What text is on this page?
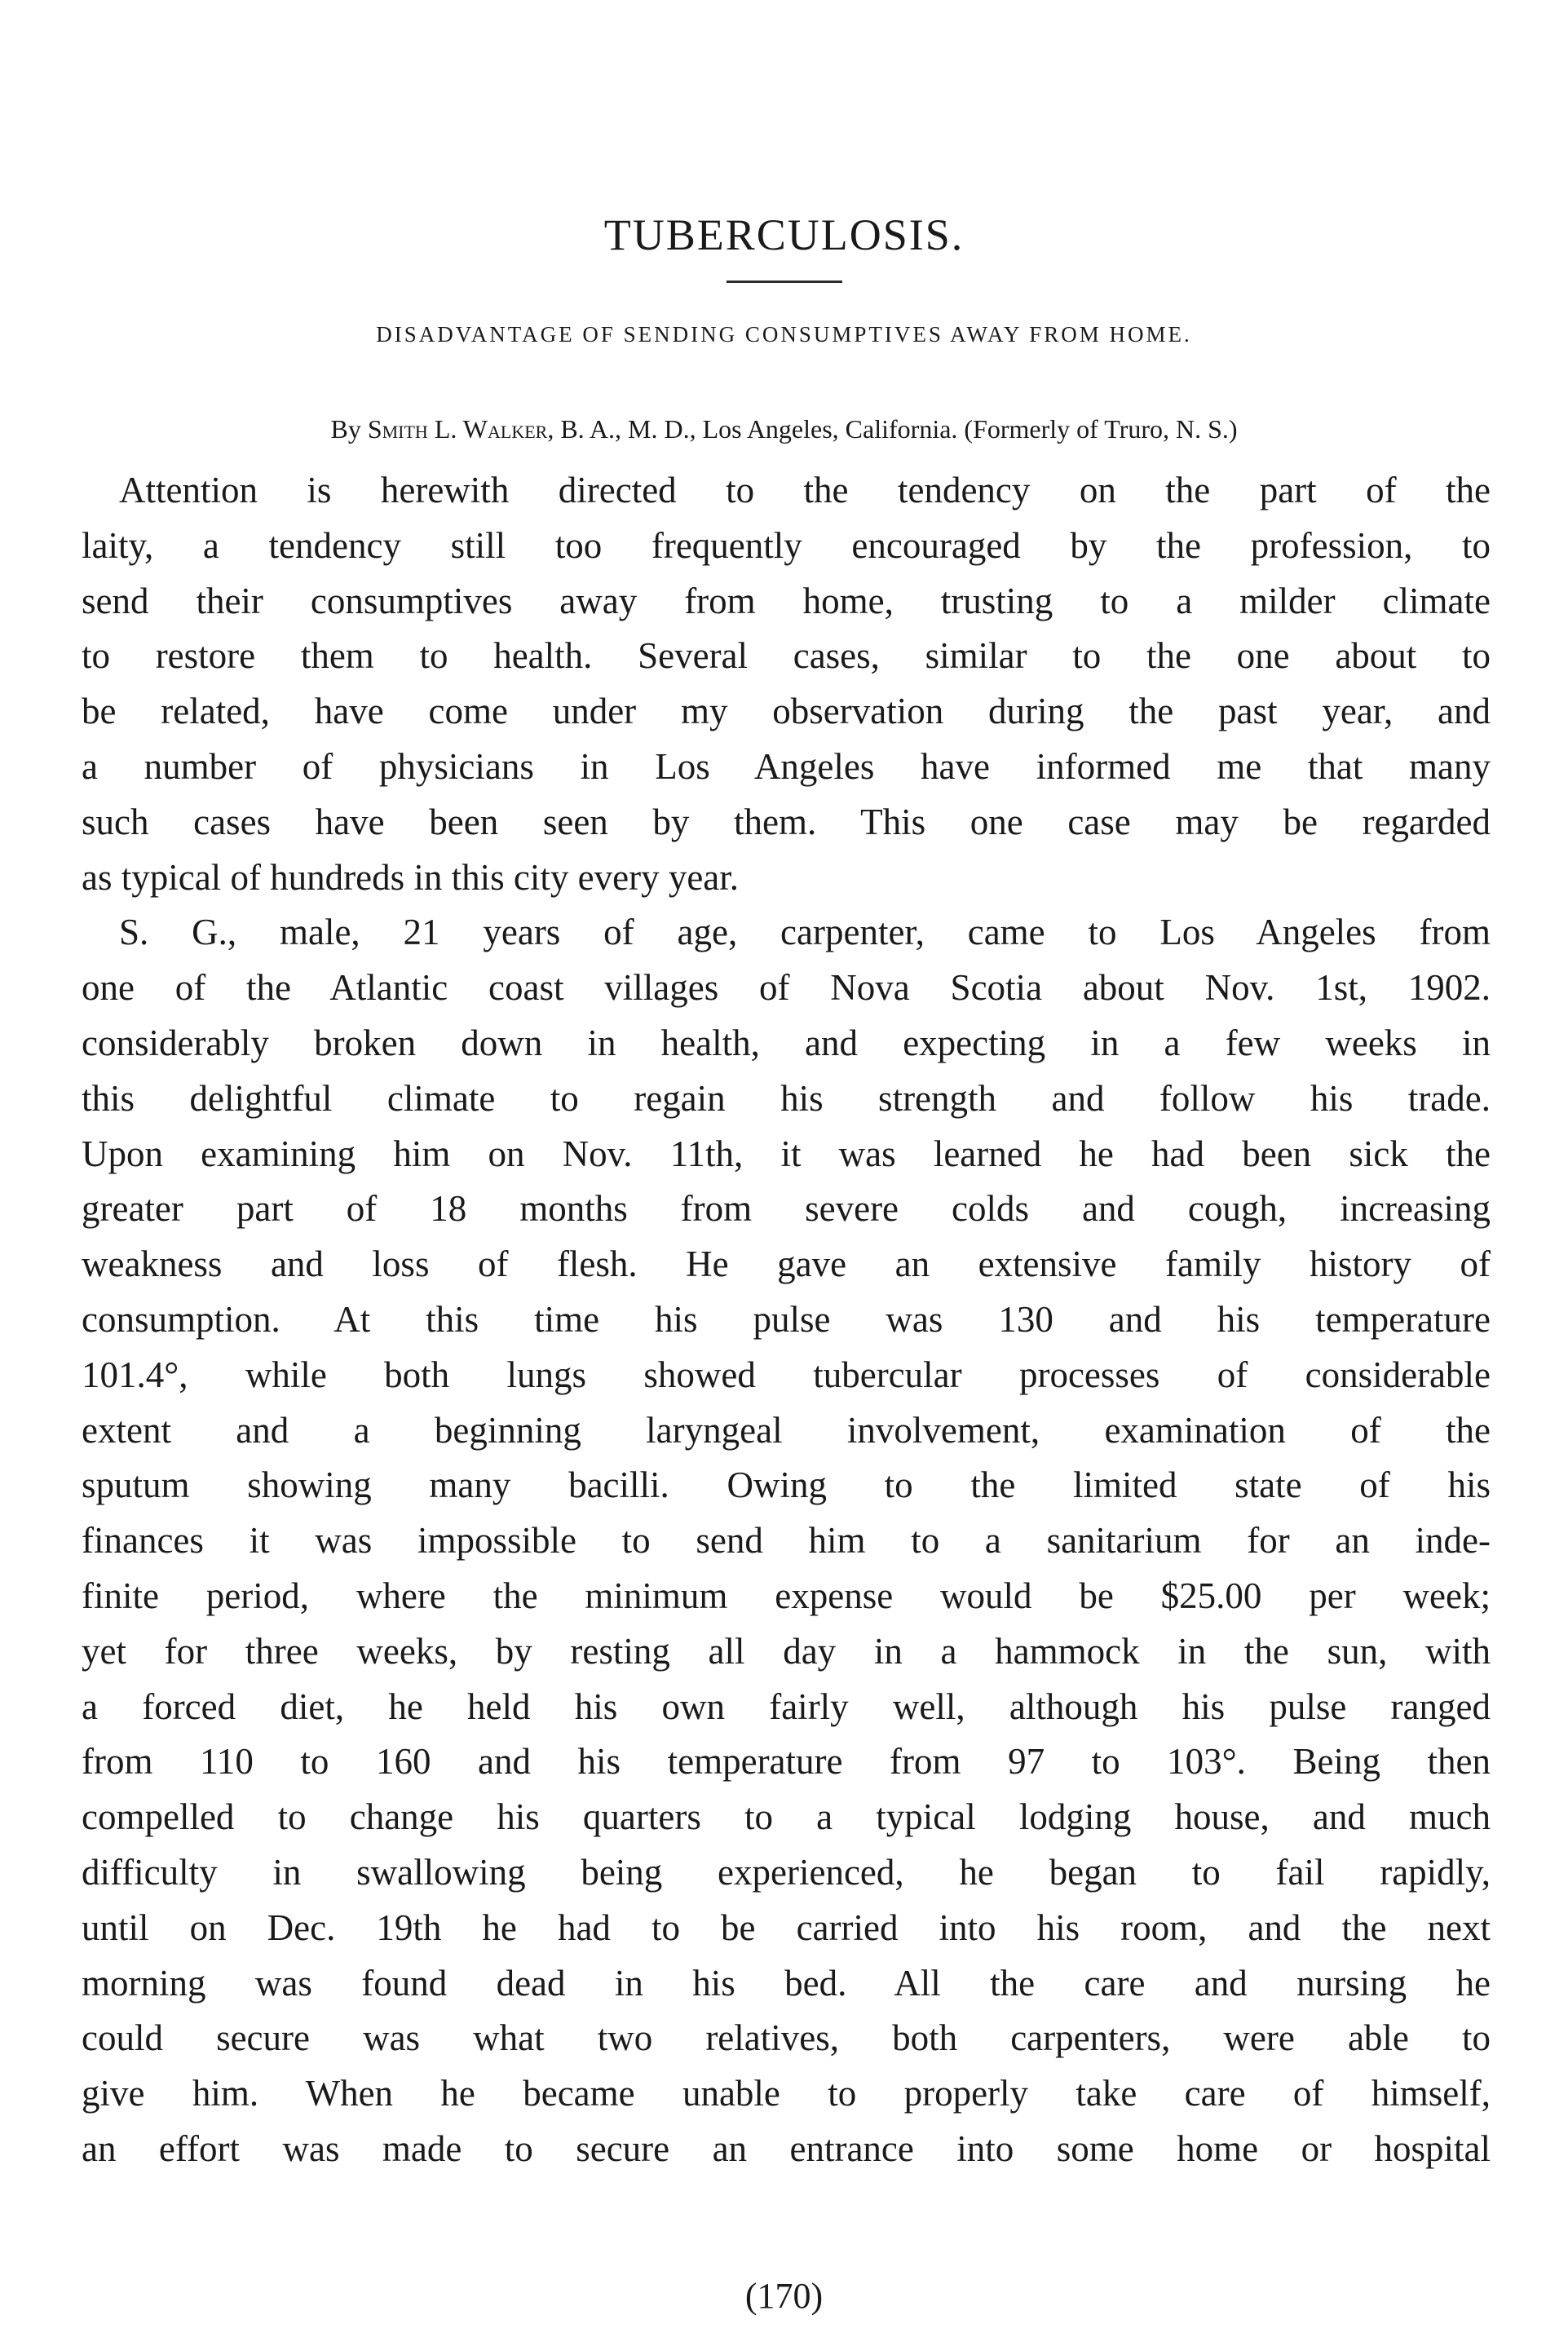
TUBERCULOSIS.
DISADVANTAGE OF SENDING CONSUMPTIVES AWAY FROM HOME.
By Smith L. Walker, B. A., M. D., Los Angeles, California. (Formerly of Truro, N. S.)

Attention is herewith directed to the tendency on the part of the
laity, a tendency still too frequently encouraged by the profession, to
send their consumptives away from home, trusting to a milder climate
to restore them to health. Several cases, similar to the one about to
be related, have come under my observation during the past year, and
a number of physicians in Los Angeles have informed me that many
such cases have been seen by them. This one case may be regarded
as typical of hundreds in this city every year.

S. G., male, 21 years of age, carpenter, came to Los Angeles from
one of the Atlantic coast villages of Nova Scotia about Nov. 1st, 1902.
considerably broken down in health, and expecting in a few weeks in
this delightful climate to regain his strength and follow his trade.
Upon examining him on Nov. 11th, it was learned he had been sick the
greater part of 18 months from severe colds and cough, increasing
weakness and loss of flesh. He gave an extensive family history of
consumption. At this time his pulse was 130 and his temperature
101.4°, while both lungs showed tubercular processes of considerable
extent and a beginning laryngeal involvement, examination of the
sputum showing many bacilli. Owing to the limited state of his
finances it was impossible to send him to a sanitarium for an inde-
finite period, where the minimum expense would be $25.00 per week;
yet for three weeks, by resting all day in a hammock in the sun, with
a forced diet, he held his own fairly well, although his pulse ranged
from 110 to 160 and his temperature from 97 to 103°. Being then
compelled to change his quarters to a typical lodging house, and much
difficulty in swallowing being experienced, he began to fail rapidly,
until on Dec. 19th he had to be carried into his room, and the next
morning was found dead in his bed. All the care and nursing he
could secure was what two relatives, both carpenters, were able to
give him. When he became unable to properly take care of himself,
an effort was made to secure an entrance into some home or hospital

(170)
